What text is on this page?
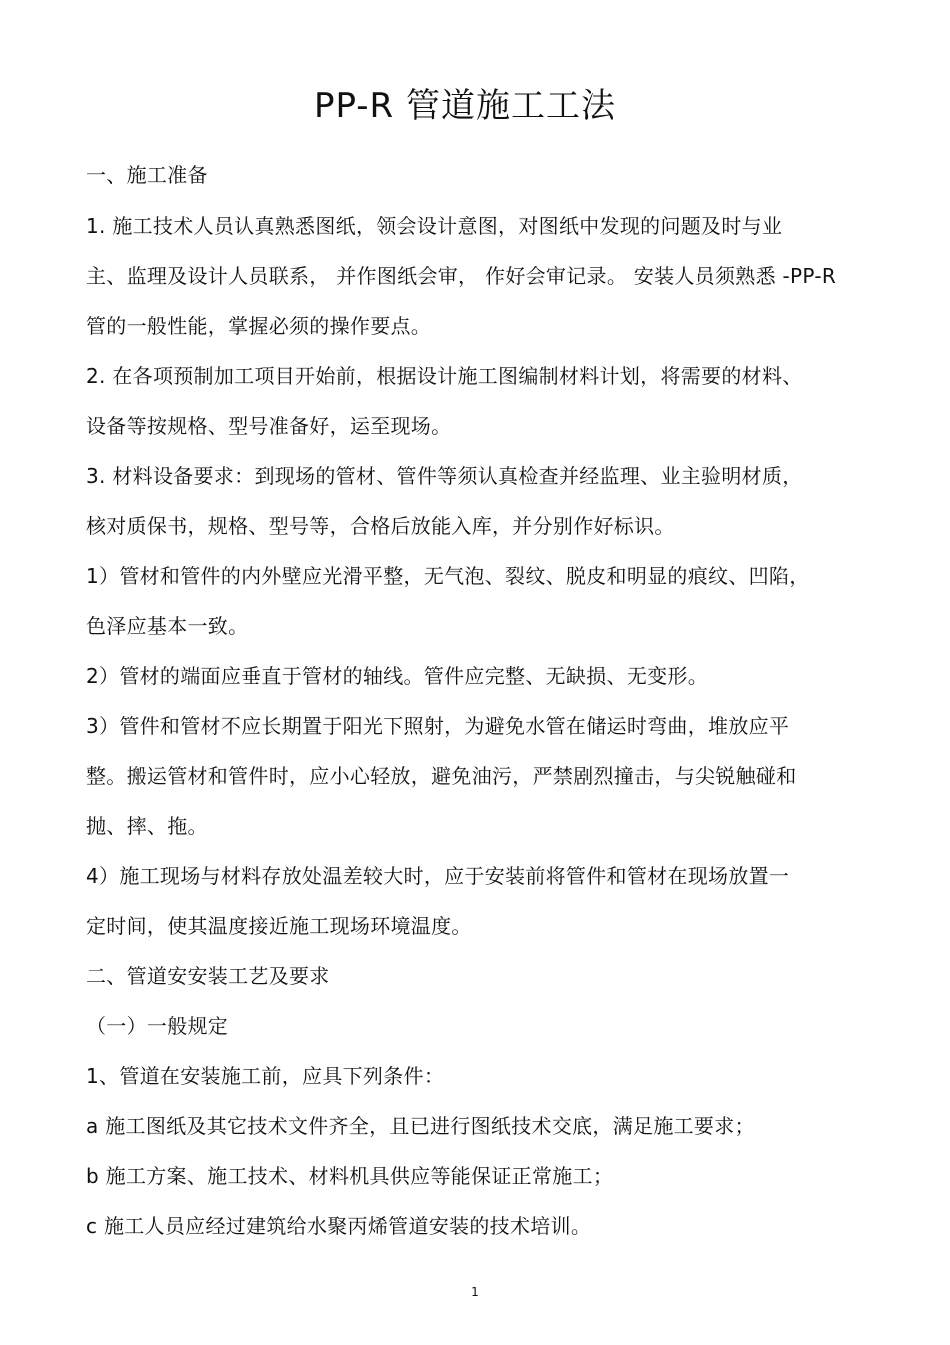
PP-R 管道施工工法
一、施工准备
1. 施工技术人员认真熟悉图纸，领会设计意图，对图纸中发现的问题及时与业
主、监理及设计人员联系， 并作图纸会审， 作好会审记录。 安装人员须熟悉 -PP-R
管的一般性能，掌握必须的操作要点。
2. 在各项预制加工项目开始前，根据设计施工图编制材料计划，将需要的材料、
设备等按规格、型号准备好，运至现场。
3. 材料设备要求：到现场的管材、管件等须认真检查并经监理、业主验明材质，
核对质保书，规格、型号等，合格后放能入库，并分别作好标识。
1）管材和管件的内外壁应光滑平整，无气泡、裂纹、脱皮和明显的痕纹、凹陷，
色泽应基本一致。
2）管材的端面应垂直于管材的轴线。管件应完整、无缺损、无变形。
3）管件和管材不应长期置于阳光下照射，为避免水管在储运时弯曲，堆放应平
整。搬运管材和管件时，应小心轻放，避免油污，严禁剧烈撞击，与尖锐触碰和
抛、摔、拖。
4）施工现场与材料存放处温差较大时，应于安装前将管件和管材在现场放置一
定时间，使其温度接近施工现场环境温度。
二、管道安安装工艺及要求
（一）一般规定
1、管道在安装施工前，应具下列条件：
a 施工图纸及其它技术文件齐全，且已进行图纸技术交底，满足施工要求；
b 施工方案、施工技术、材料机具供应等能保证正常施工；
c 施工人员应经过建筑给水聚丙烯管道安装的技术培训。
1
